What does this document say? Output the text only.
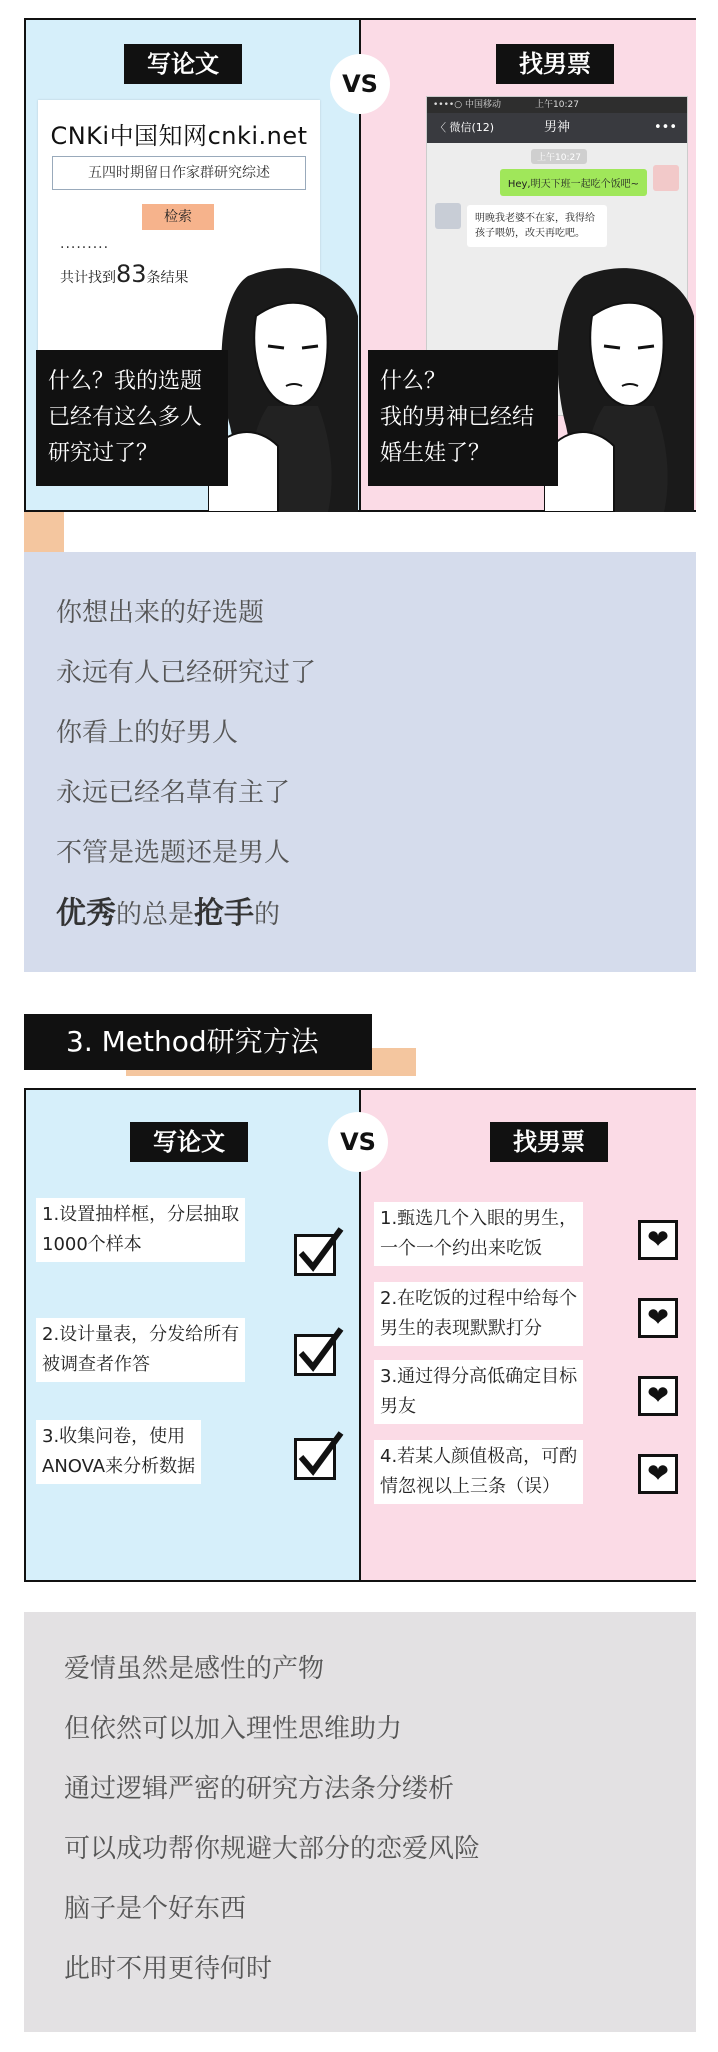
写论文	找男票
VS
CNKi中国知网cnki.net
五四时期留日作家群研究综述
检索
.........
共计找到83条结果
••••○ 中国移动	上午10:27
〈 微信(12)	男神	•••
上午10:27
Hey,明天下班一起吃个饭吧~
明晚我老婆不在家，我得给孩子喂奶，改天再吃吧。
什么？我的选题
已经有这么多人
研究过了？
什么？
我的男神已经结
婚生娃了？
你想出来的好选题
永远有人已经研究过了
你看上的好男人
永远已经名草有主了
不管是选题还是男人
优秀的总是抢手的
3. Method研究方法
写论文	找男票
VS
1.设置抽样框，分层抽取
1000个样本
2.设计量表，分发给所有
被调查者作答
3.收集问卷，使用
ANOVA来分析数据
1.甄选几个入眼的男生，
一个一个约出来吃饭
2.在吃饭的过程中给每个
男生的表现默默打分
3.通过得分高低确定目标
男友
4.若某人颜值极高，可酌
情忽视以上三条（误）
❤
❤
❤
❤
爱情虽然是感性的产物
但依然可以加入理性思维助力
通过逻辑严密的研究方法条分缕析
可以成功帮你规避大部分的恋爱风险
脑子是个好东西
此时不用更待何时
